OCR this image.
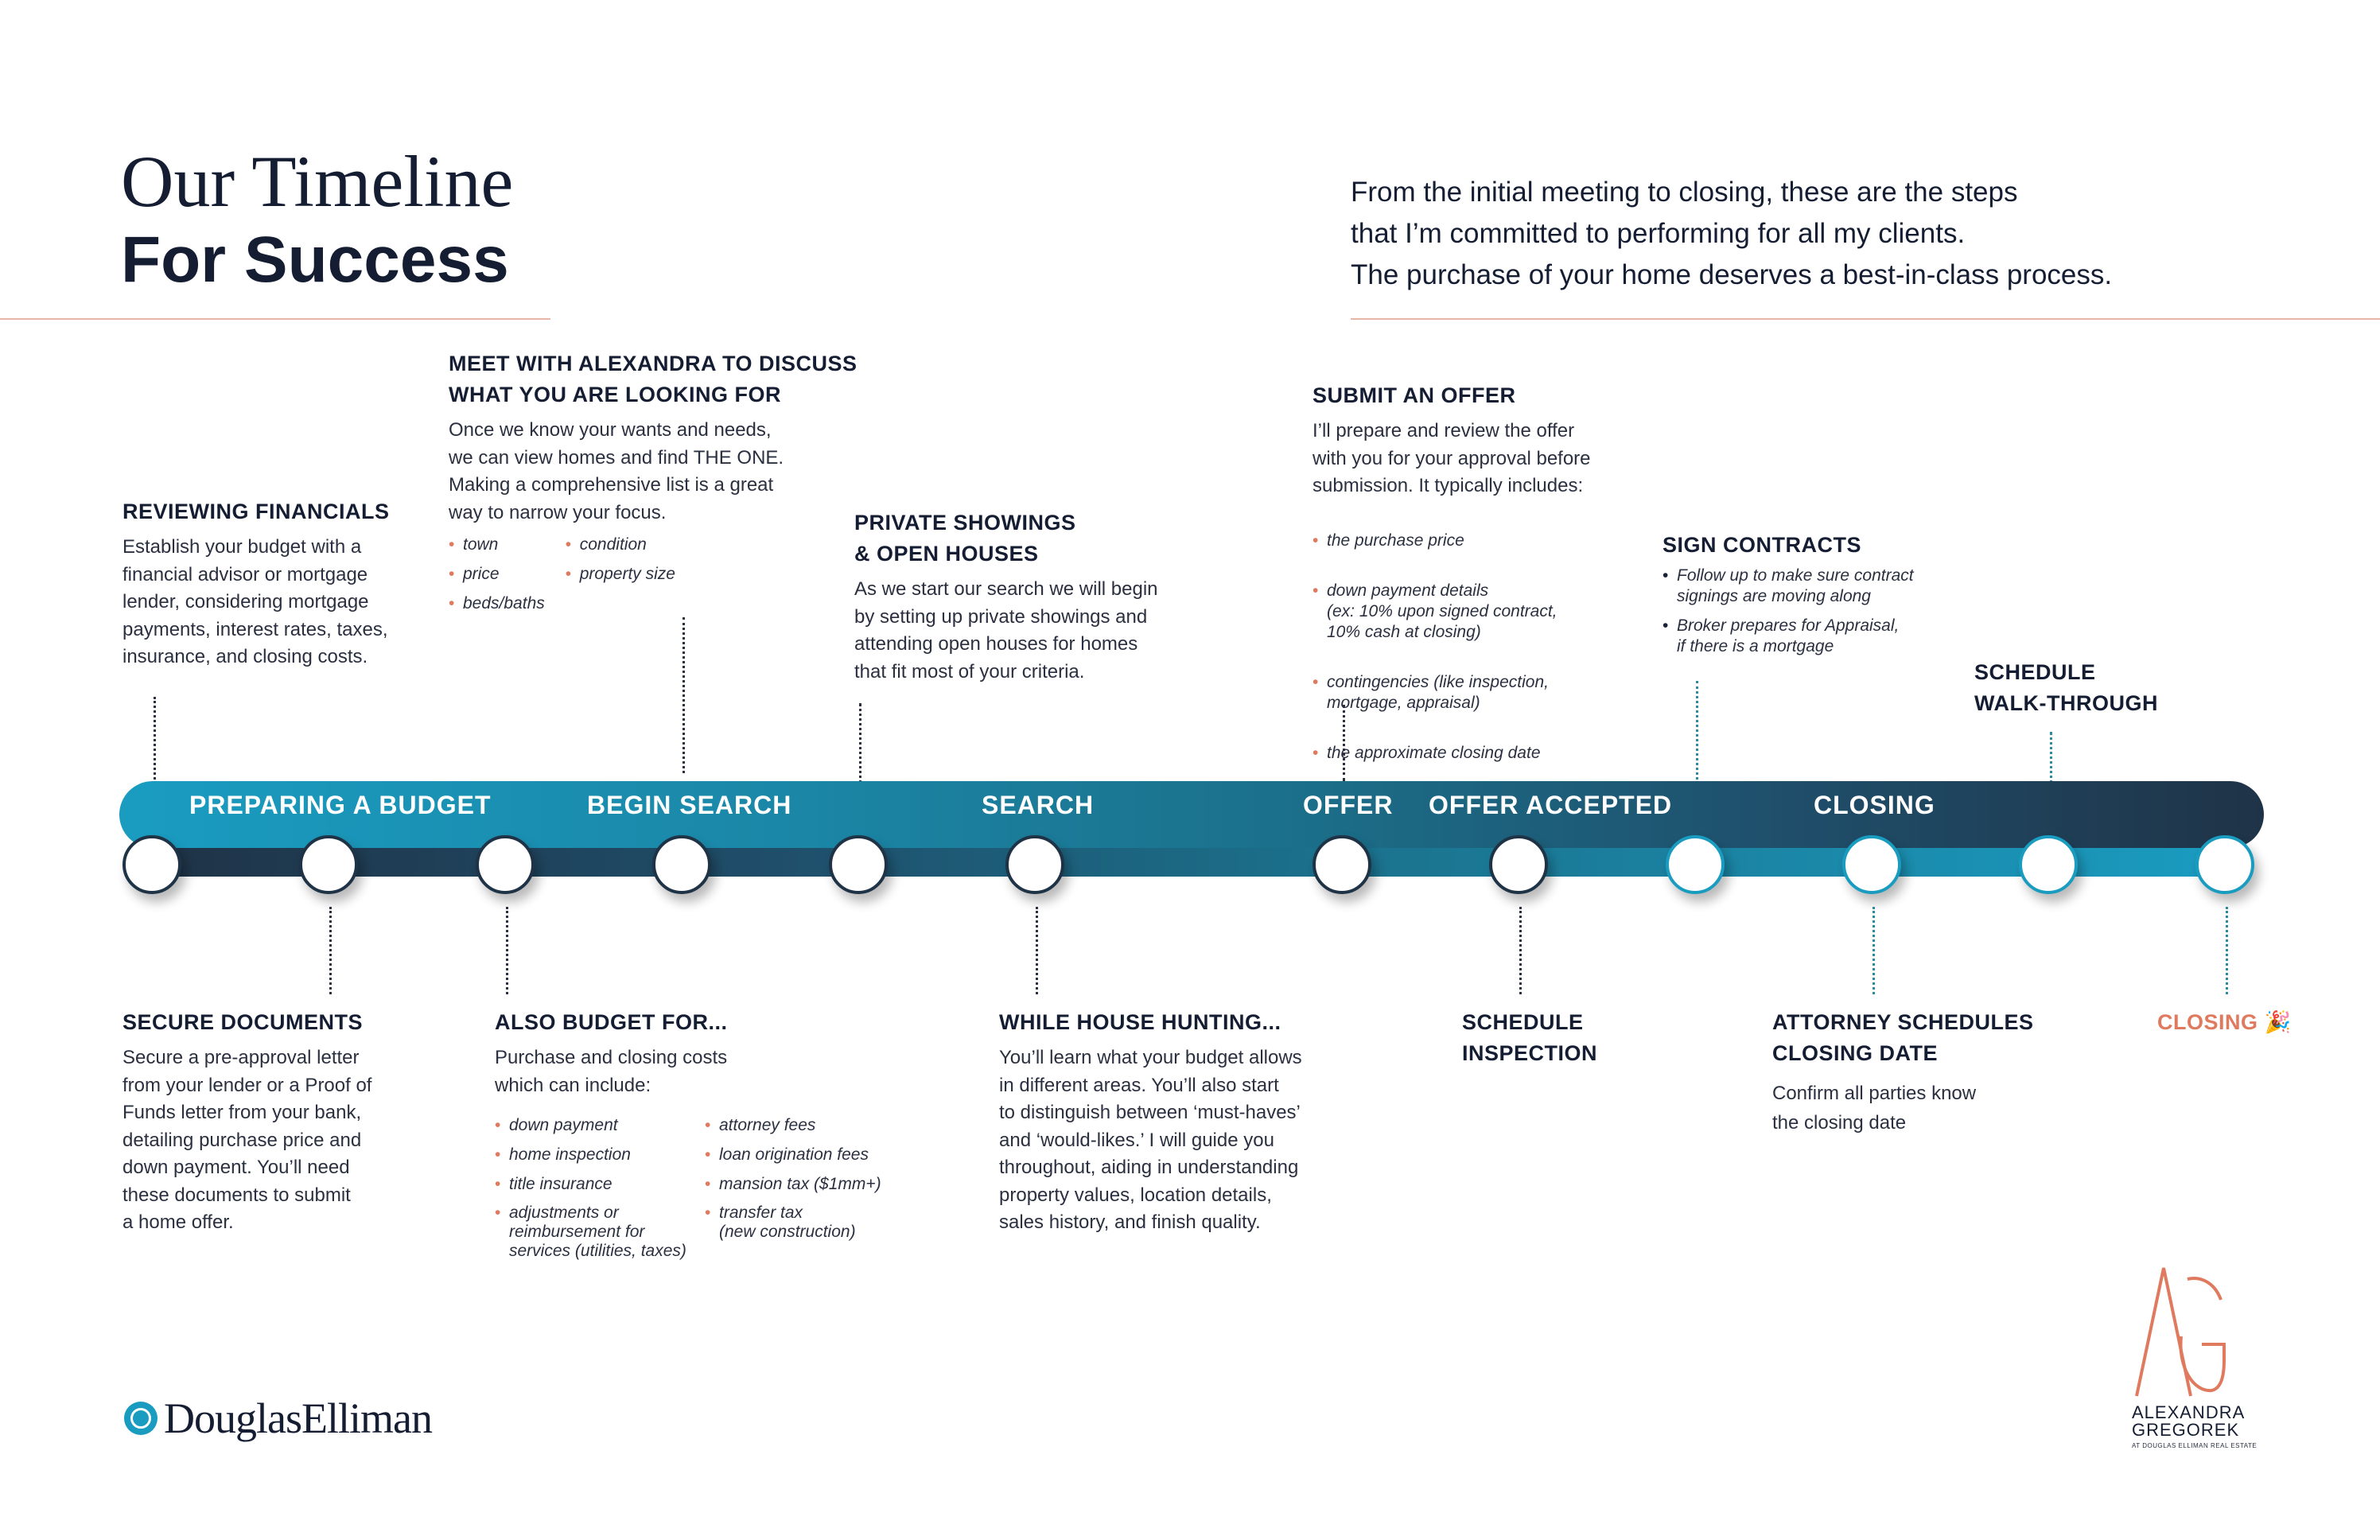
Our Timeline
For Success
From the initial meeting to closing, these are the steps
that I’m committed to performing for all my clients.
The purchase of your home deserves a best-in-class process.
REVIEWING FINANCIALS
Establish your budget with a
financial advisor or mortgage
lender, considering mortgage
payments, interest rates, taxes,
insurance, and closing costs.
MEET WITH ALEXANDRA TO DISCUSS
WHAT YOU ARE LOOKING FOR
Once we know your wants and needs,
we can view homes and find THE ONE.
Making a comprehensive list is a great
way to narrow your focus.
• town
• price
• beds/baths
• condition
• property size
PRIVATE SHOWINGS
& OPEN HOUSES
As we start our search we will begin
by setting up private showings and
attending open houses for homes
that fit most of your criteria.
SUBMIT AN OFFER
I’ll prepare and review the offer
with you for your approval before
submission. It typically includes:

• the purchase price

• down payment details
(ex: 10% upon signed contract,
10% cash at closing)

• contingencies (like inspection,
mortgage, appraisal)

• the approximate closing date

SIGN CONTRACTS
• Follow up to make sure contract
signings are moving along
• Broker prepares for Appraisal,
if there is a mortgage
SCHEDULE
WALK-THROUGH
PREPARING A BUDGET	BEGIN SEARCH	SEARCH	OFFER OFFER ACCEPTED	CLOSING
SECURE DOCUMENTS
Secure a pre-approval letter
from your lender or a Proof of
Funds letter from your bank,
detailing purchase price and
down payment. You’ll need
these documents to submit
a home offer.
ALSO BUDGET FOR...
Purchase and closing costs
which can include:
• down payment
• home inspection
• title insurance
• adjustments or
reimbursement for
services (utilities, taxes)
• attorney fees
• loan origination fees
• mansion tax ($1mm+)
• transfer tax
(new construction)
WHILE HOUSE HUNTING...
You’ll learn what your budget allows
in different areas. You’ll also start
to distinguish between ‘must-haves’
and ‘would-likes.’ I will guide you
throughout, aiding in understanding
property values, location details,
sales history, and finish quality.
SCHEDULE
INSPECTION
ATTORNEY SCHEDULES
CLOSING DATE
Confirm all parties know
the closing date
CLOSING 🎉
DouglasElliman	ALEXANDRA
GREGOREK
AT DOUGLAS ELLIMAN REAL ESTATE
